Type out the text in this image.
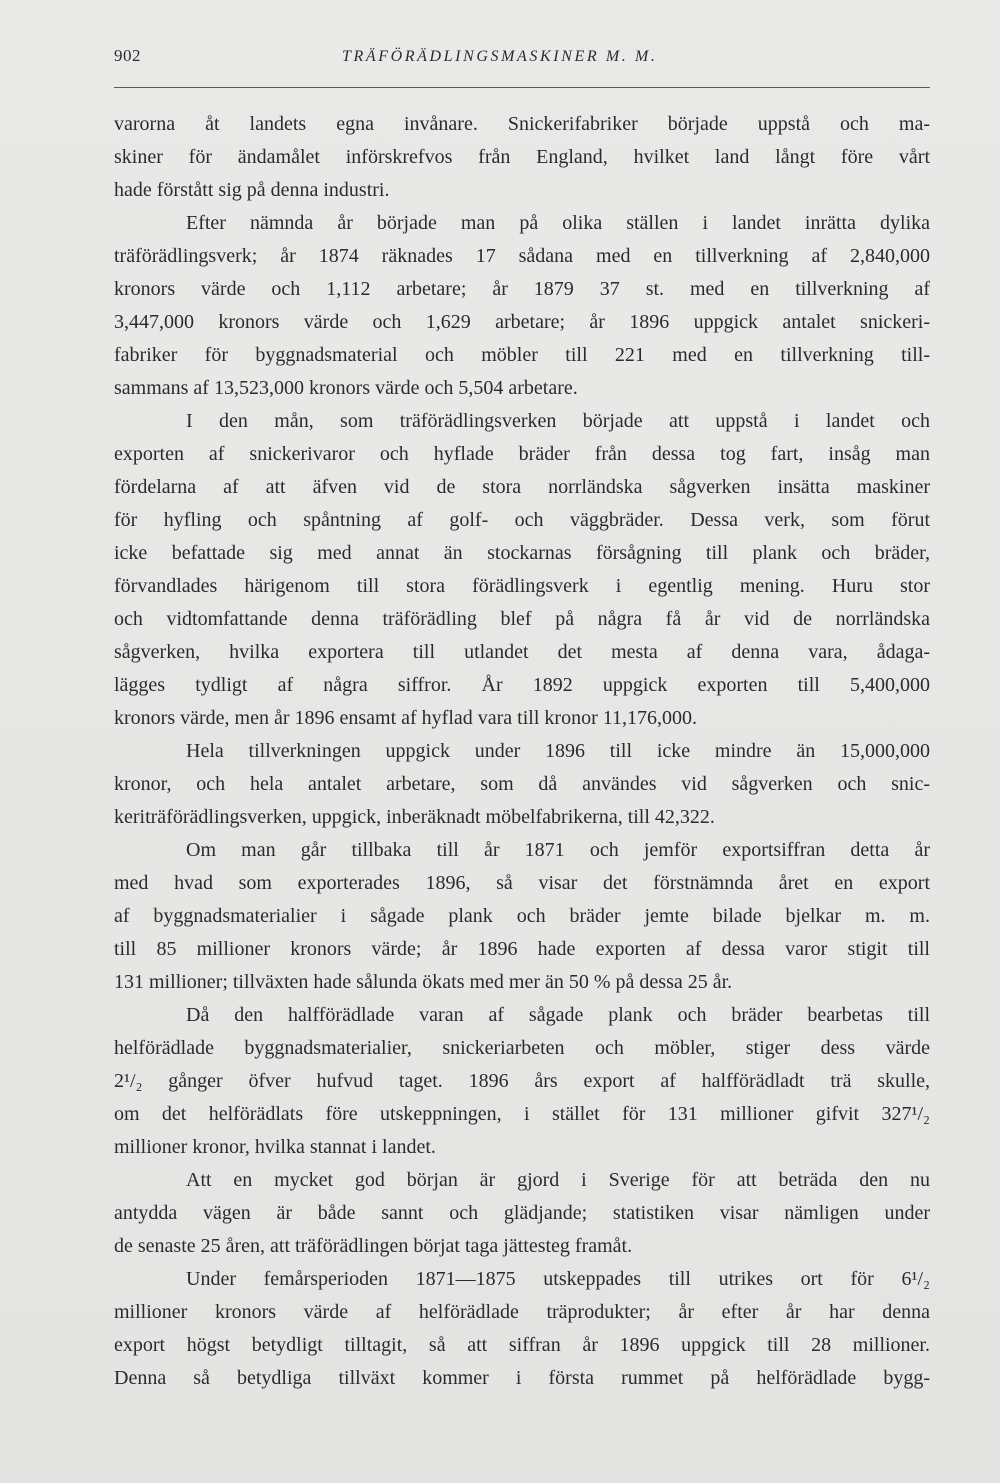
902	TRÄFÖRÄDLINGSMASKINER M. M.
varorna åt landets egna invånare. Snickerifabriker började uppstå och ma-
skiner för ändamålet införskrefvos från England, hvilket land långt före vårt
hade förstått sig på denna industri.
Efter nämnda år började man på olika ställen i landet inrätta dylika
träförädlingsverk; år 1874 räknades 17 sådana med en tillverkning af 2,840,000
kronors värde och 1,112 arbetare; år 1879 37 st. med en tillverkning af
3,447,000 kronors värde och 1,629 arbetare; år 1896 uppgick antalet snickeri-
fabriker för byggnadsmaterial och möbler till 221 med en tillverkning till-
sammans af 13,523,000 kronors värde och 5,504 arbetare.
I den mån, som träförädlingsverken började att uppstå i landet och
exporten af snickerivaror och hyflade bräder från dessa tog fart, insåg man
fördelarna af att äfven vid de stora norrländska sågverken insätta maskiner
för hyfling och spåntning af golf- och väggbräder. Dessa verk, som förut
icke befattade sig med annat än stockarnas försågning till plank och bräder,
förvandlades härigenom till stora förädlingsverk i egentlig mening. Huru stor
och vidtomfattande denna träförädling blef på några få år vid de norrländska
sågverken, hvilka exportera till utlandet det mesta af denna vara, ådaga-
lägges tydligt af några siffror. År 1892 uppgick exporten till 5,400,000
kronors värde, men år 1896 ensamt af hyflad vara till kronor 11,176,000.
Hela tillverkningen uppgick under 1896 till icke mindre än 15,000,000
kronor, och hela antalet arbetare, som då användes vid sågverken och snic-
keriträförädlingsverken, uppgick, inberäknadt möbelfabrikerna, till 42,322.
Om man går tillbaka till år 1871 och jemför exportsiffran detta år
med hvad som exporterades 1896, så visar det förstnämnda året en export
af byggnadsmaterialier i sågade plank och bräder jemte bilade bjelkar m. m.
till 85 millioner kronors värde; år 1896 hade exporten af dessa varor stigit till
131 millioner; tillväxten hade sålunda ökats med mer än 50 % på dessa 25 år.
Då den halfförädlade varan af sågade plank och bräder bearbetas till
helförädlade byggnadsmaterialier, snickeriarbeten och möbler, stiger dess värde
2¹/₂ gånger öfver hufvud taget. 1896 års export af halfförädladt trä skulle,
om det helförädlats före utskeppningen, i stället för 131 millioner gifvit 327¹/₂
millioner kronor, hvilka stannat i landet.
Att en mycket god början är gjord i Sverige för att beträda den nu
antydda vägen är både sannt och glädjande; statistiken visar nämligen under
de senaste 25 åren, att träförädlingen börjat taga jättesteg framåt.
Under femårsperioden 1871—1875 utskeppades till utrikes ort för 6¹/₂
millioner kronors värde af helförädlade träprodukter; år efter år har denna
export högst betydligt tilltagit, så att siffran år 1896 uppgick till 28 millioner.
Denna så betydliga tillväxt kommer i första rummet på helförädlade bygg-
